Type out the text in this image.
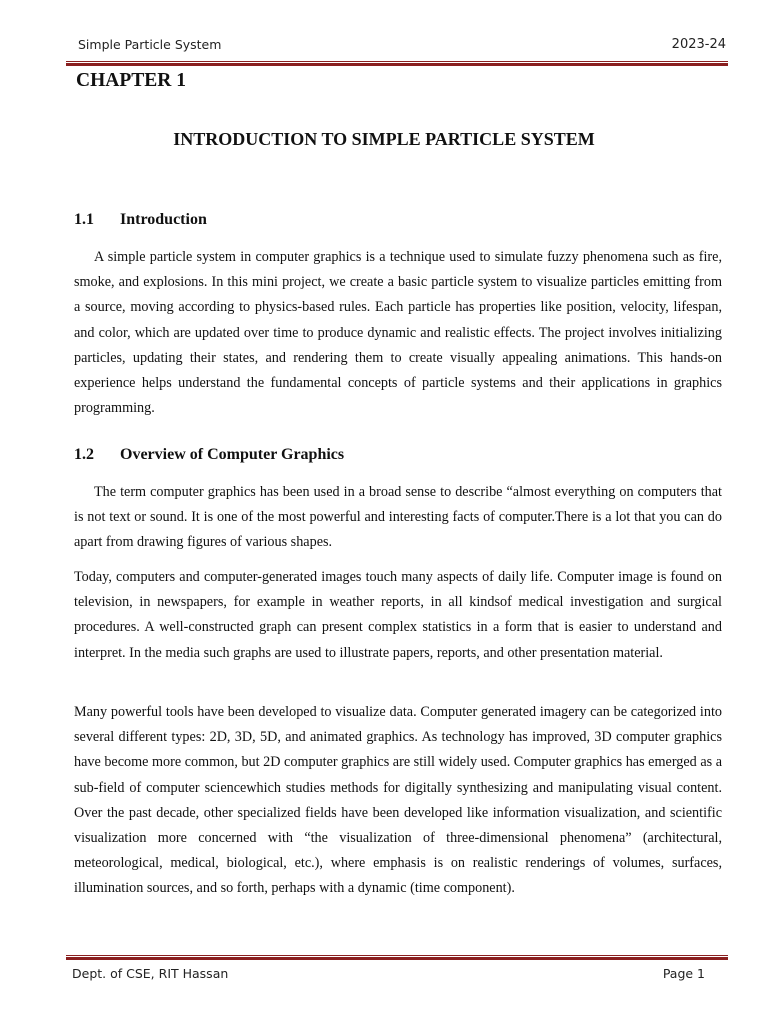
Simple Particle System	2023-24
CHAPTER 1
INTRODUCTION TO SIMPLE PARTICLE SYSTEM
1.1 Introduction

A simple particle system in computer graphics is a technique used to simulate fuzzy phenomena such as fire, smoke, and explosions. In this mini project, we create a basic particle system to visualize particles emitting from a source, moving according to physics-based rules. Each particle has properties like position, velocity, lifespan, and color, which are updated over time to produce dynamic and realistic effects. The project involves initializing particles, updating their states, and rendering them to create visually appealing animations. This hands-on experience helps understand the fundamental concepts of particle systems and their applications in graphics programming.

1.2 Overview of Computer Graphics

The term computer graphics has been used in a broad sense to describe “almost everything on computers that is not text or sound. It is one of the most powerful and interesting facts of computer.There is a lot that you can do apart from drawing figures of various shapes.

Today, computers and computer-generated images touch many aspects of daily life. Computer image is found on television, in newspapers, for example in weather reports, in all kindsof medical investigation and surgical procedures. A well-constructed graph can present complex statistics in a form that is easier to understand and interpret. In the media such graphs are used to illustrate papers, reports, and other presentation material.

Many powerful tools have been developed to visualize data. Computer generated imagery can be categorized into several different types: 2D, 3D, 5D, and animated graphics. As technology has improved, 3D computer graphics have become more common, but 2D computer graphics are still widely used. Computer graphics has emerged as a sub-field of computer sciencewhich studies methods for digitally synthesizing and manipulating visual content. Over the past decade, other specialized fields have been developed like information visualization, and scientific visualization more concerned with “the visualization of three-dimensional phenomena” (architectural, meteorological, medical, biological, etc.), where emphasis is on realistic renderings of volumes, surfaces, illumination sources, and so forth, perhaps with a dynamic (time component).

Dept. of CSE, RIT Hassan	Page 1
